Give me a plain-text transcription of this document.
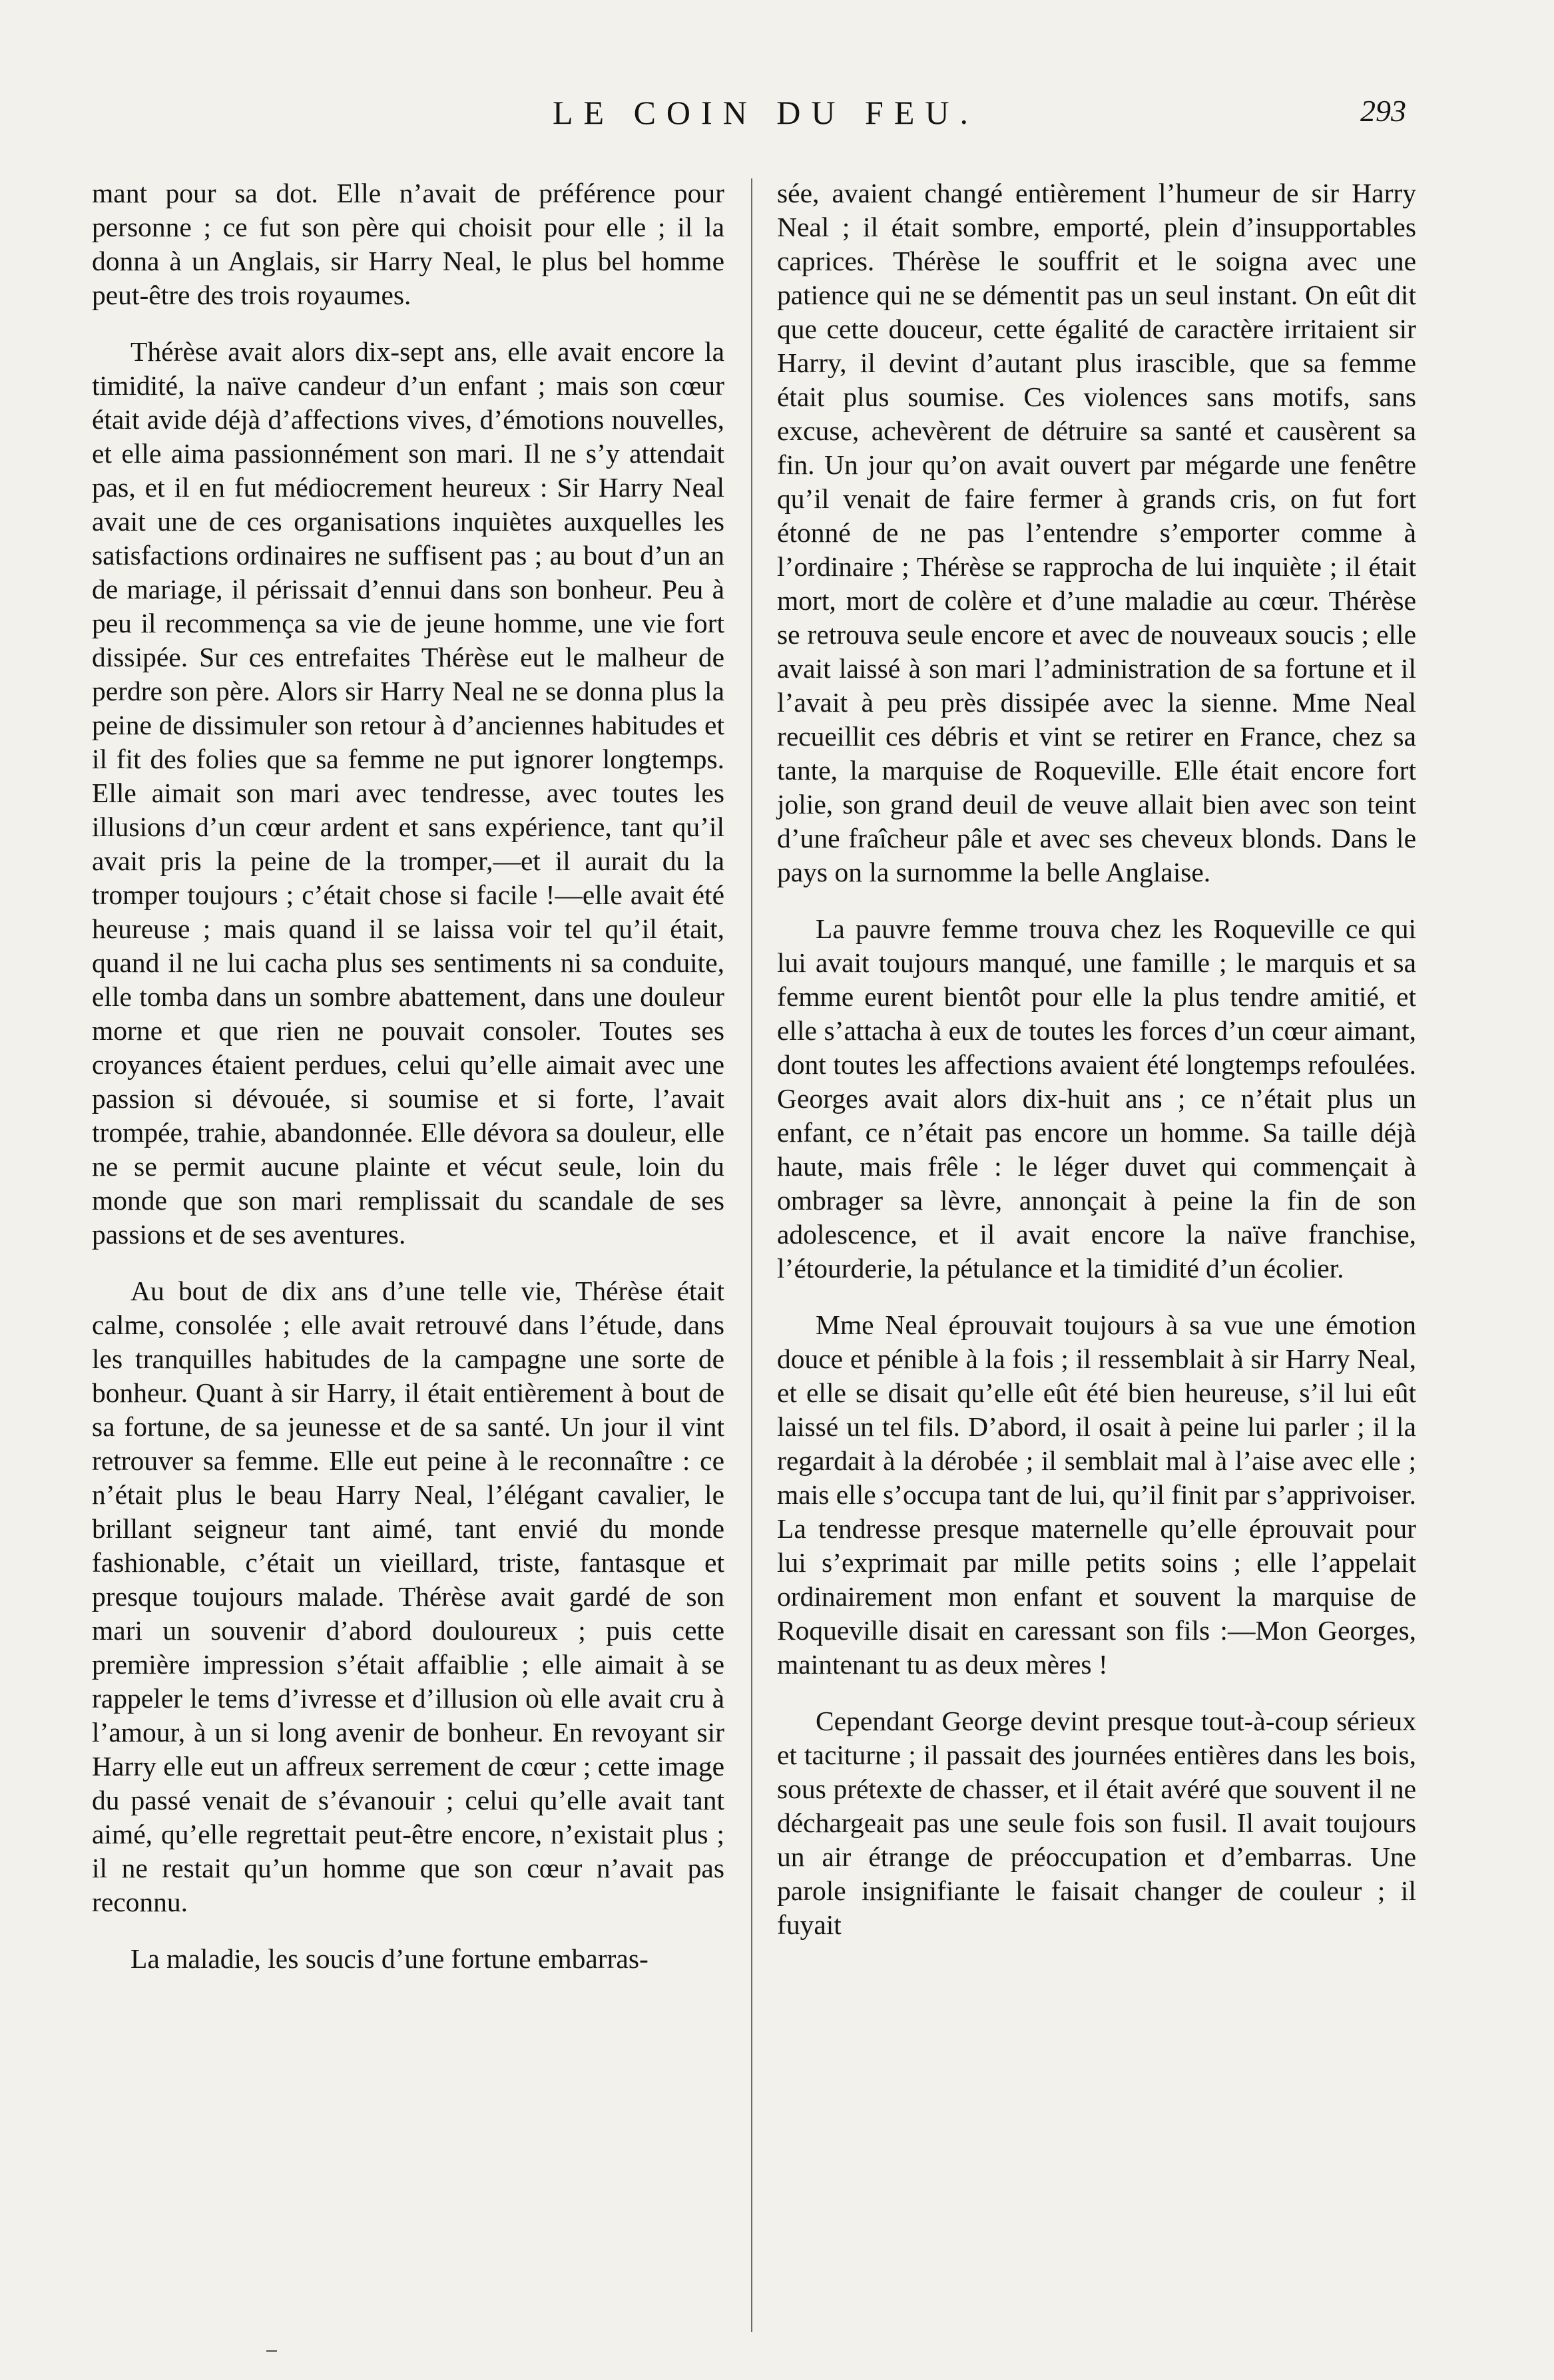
LE COIN DU FEU.	293

mant pour sa dot. Elle n’avait de préférence pour personne ; ce fut son père qui choisit pour elle ; il la donna à un Anglais, sir Harry Neal, le plus bel homme peut-être des trois royaumes.

Thérèse avait alors dix-sept ans, elle avait encore la timidité, la naïve candeur d’un enfant ; mais son cœur était avide déjà d’affections vives, d’émotions nouvelles, et elle aima passionnément son mari. Il ne s’y attendait pas, et il en fut médiocrement heureux : Sir Harry Neal avait une de ces organisations inquiètes auxquelles les satisfactions ordinaires ne suffisent pas ; au bout d’un an de mariage, il périssait d’ennui dans son bonheur. Peu à peu il recommença sa vie de jeune homme, une vie fort dissipée. Sur ces entrefaites Thérèse eut le malheur de perdre son père. Alors sir Harry Neal ne se donna plus la peine de dissimuler son retour à d’anciennes habitudes et il fit des folies que sa femme ne put ignorer longtemps. Elle aimait son mari avec tendresse, avec toutes les illusions d’un cœur ardent et sans expérience, tant qu’il avait pris la peine de la tromper,—et il aurait du la tromper toujours ; c’était chose si facile !—elle avait été heureuse ; mais quand il se laissa voir tel qu’il était, quand il ne lui cacha plus ses sentiments ni sa conduite, elle tomba dans un sombre abattement, dans une douleur morne et que rien ne pouvait consoler. Toutes ses croyances étaient perdues, celui qu’elle aimait avec une passion si dévouée, si soumise et si forte, l’avait trompée, trahie, abandonnée. Elle dévora sa douleur, elle ne se permit aucune plainte et vécut seule, loin du monde que son mari remplissait du scandale de ses passions et de ses aventures.

Au bout de dix ans d’une telle vie, Thérèse était calme, consolée ; elle avait retrouvé dans l’étude, dans les tranquilles habitudes de la campagne une sorte de bonheur. Quant à sir Harry, il était entièrement à bout de sa fortune, de sa jeunesse et de sa santé. Un jour il vint retrouver sa femme. Elle eut peine à le reconnaître : ce n’était plus le beau Harry Neal, l’élégant cavalier, le brillant seigneur tant aimé, tant envié du monde fashionable, c’était un vieillard, triste, fantasque et presque toujours malade. Thérèse avait gardé de son mari un souvenir d’abord douloureux ; puis cette première impression s’était affaiblie ; elle aimait à se rappeler le tems d’ivresse et d’illusion où elle avait cru à l’amour, à un si long avenir de bonheur. En revoyant sir Harry elle eut un affreux serrement de cœur ; cette image du passé venait de s’évanouir ; celui qu’elle avait tant aimé, qu’elle regrettait peut-être encore, n’existait plus ; il ne restait qu’un homme que son cœur n’avait pas reconnu.

La maladie, les soucis d’une fortune embarras-

sée, avaient changé entièrement l’humeur de sir Harry Neal ; il était sombre, emporté, plein d’insupportables caprices. Thérèse le souffrit et le soigna avec une patience qui ne se démentit pas un seul instant. On eût dit que cette douceur, cette égalité de caractère irritaient sir Harry, il devint d’autant plus irascible, que sa femme était plus soumise. Ces violences sans motifs, sans excuse, achevèrent de détruire sa santé et causèrent sa fin. Un jour qu’on avait ouvert par mégarde une fenêtre qu’il venait de faire fermer à grands cris, on fut fort étonné de ne pas l’entendre s’emporter comme à l’ordinaire ; Thérèse se rapprocha de lui inquiète ; il était mort, mort de colère et d’une maladie au cœur. Thérèse se retrouva seule encore et avec de nouveaux soucis ; elle avait laissé à son mari l’administration de sa fortune et il l’avait à peu près dissipée avec la sienne. Mme Neal recueillit ces débris et vint se retirer en France, chez sa tante, la marquise de Roqueville. Elle était encore fort jolie, son grand deuil de veuve allait bien avec son teint d’une fraîcheur pâle et avec ses cheveux blonds. Dans le pays on la surnomme la belle Anglaise.

La pauvre femme trouva chez les Roqueville ce qui lui avait toujours manqué, une famille ; le marquis et sa femme eurent bientôt pour elle la plus tendre amitié, et elle s’attacha à eux de toutes les forces d’un cœur aimant, dont toutes les affections avaient été longtemps refoulées. Georges avait alors dix-huit ans ; ce n’était plus un enfant, ce n’était pas encore un homme. Sa taille déjà haute, mais frêle : le léger duvet qui commençait à ombrager sa lèvre, annonçait à peine la fin de son adolescence, et il avait encore la naïve franchise, l’étourderie, la pétulance et la timidité d’un écolier.

Mme Neal éprouvait toujours à sa vue une émotion douce et pénible à la fois ; il ressemblait à sir Harry Neal, et elle se disait qu’elle eût été bien heureuse, s’il lui eût laissé un tel fils. D’abord, il osait à peine lui parler ; il la regardait à la dérobée ; il semblait mal à l’aise avec elle ; mais elle s’occupa tant de lui, qu’il finit par s’apprivoiser. La tendresse presque maternelle qu’elle éprouvait pour lui s’exprimait par mille petits soins ; elle l’appelait ordinairement mon enfant et souvent la marquise de Roqueville disait en caressant son fils :—Mon Georges, maintenant tu as deux mères !

Cependant George devint presque tout-à-coup sérieux et taciturne ; il passait des journées entières dans les bois, sous prétexte de chasser, et il était avéré que souvent il ne déchargeait pas une seule fois son fusil. Il avait toujours un air étrange de préoccupation et d’embarras. Une parole insignifiante le faisait changer de couleur ; il fuyait
